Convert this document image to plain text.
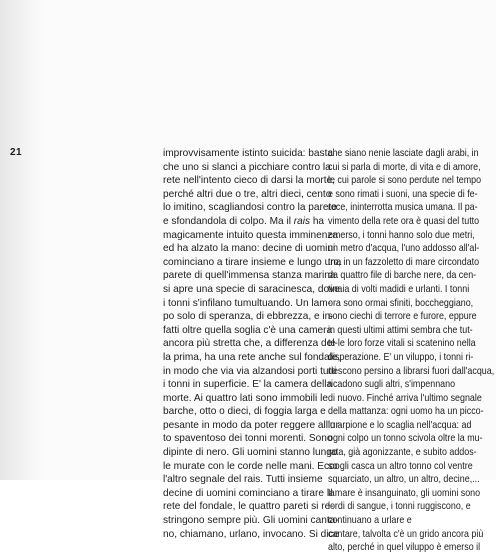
21	improvvisamente istinto suicida: basta
che uno si slanci a picchiare contro la
rete nell'intento cieco di darsi la morte,
perché altri due o tre, altri dieci, cento
lo imitino, scagliandosi contro la parete
e sfondandola di colpo. Ma il rais ha
magicamente intuito questa imminenza
ed ha alzato la mano: decine di uomini
cominciano a tirare insieme e lungo una
parete di quell'immensa stanza marina
si apre una specie di saracinesca, dove
i tonni s'infilano tumultuando. Un lam-
po solo di speranza, di ebbrezza, e in-
fatti oltre quella soglia c'è una camera
ancora più stretta che, a differenza del-
la prima, ha una rete anche sul fondale,
in modo che via via alzandosi porti tutti
i tonni in superficie. E' la camera della
morte. Ai quattro lati sono immobili le
barche, otto o dieci, di foggia larga e
pesante in modo da poter reggere all'ur-
to spaventoso dei tonni morenti. Sono
dipinte di nero. Gli uomini stanno lungo
le murate con le corde nelle mani. Ecco
l'altro segnale del rais. Tutti insieme
decine di uomini cominciano a tirare la
rete del fondale, le quattro pareti si re-
stringono sempre più. Gli uomini canta-
no, chiamano, urlano, invocano. Si dice
che siano nenie lasciate dagli arabi, in
cui si parla di morte, di vita e di amore,
le cui parole si sono perdute nel tempo
e sono rimati i suoni, una specie di fe-
roce, ininterrotta musica umana. Il pa-
vimento della rete ora è quasi del tutto
emerso, i tonni hanno solo due metri,
un metro d'acqua, l'uno addosso all'al-
tro, in un fazzoletto di mare circondato
da quattro file di barche nere, da cen-
tinaia di volti madidi e urlanti. I tonni
ora sono ormai sfiniti, boccheggiano,
sono ciechi di terrore e furore, eppure
in questi ultimi attimi sembra che tut-
te le loro forze vitali si scatenino nella
disperazione. E' un viluppo, i tonni ri-
riescono persino a librarsi fuori dall'acqua,
ricadono sugli altri, s'impennano
di nuovo. Finché arriva l'ultimo segnale
della mattanza: ogni uomo ha un picco-
lo arpione e lo scaglia nell'acqua: ad
ogni colpo un tonno scivola oltre la mu-
rata, già agonizzante, e subito addos-
so gli casca un altro tonno col ventre
squarciato, un altro, un altro, decine,...
Il mare è insanguinato, gli uomini sono
lordi di sangue, i tonni ruggiscono, e
continuano a urlare e
cantare, talvolta c'è un grido ancora più
alto, perché in quel viluppo è emerso il
